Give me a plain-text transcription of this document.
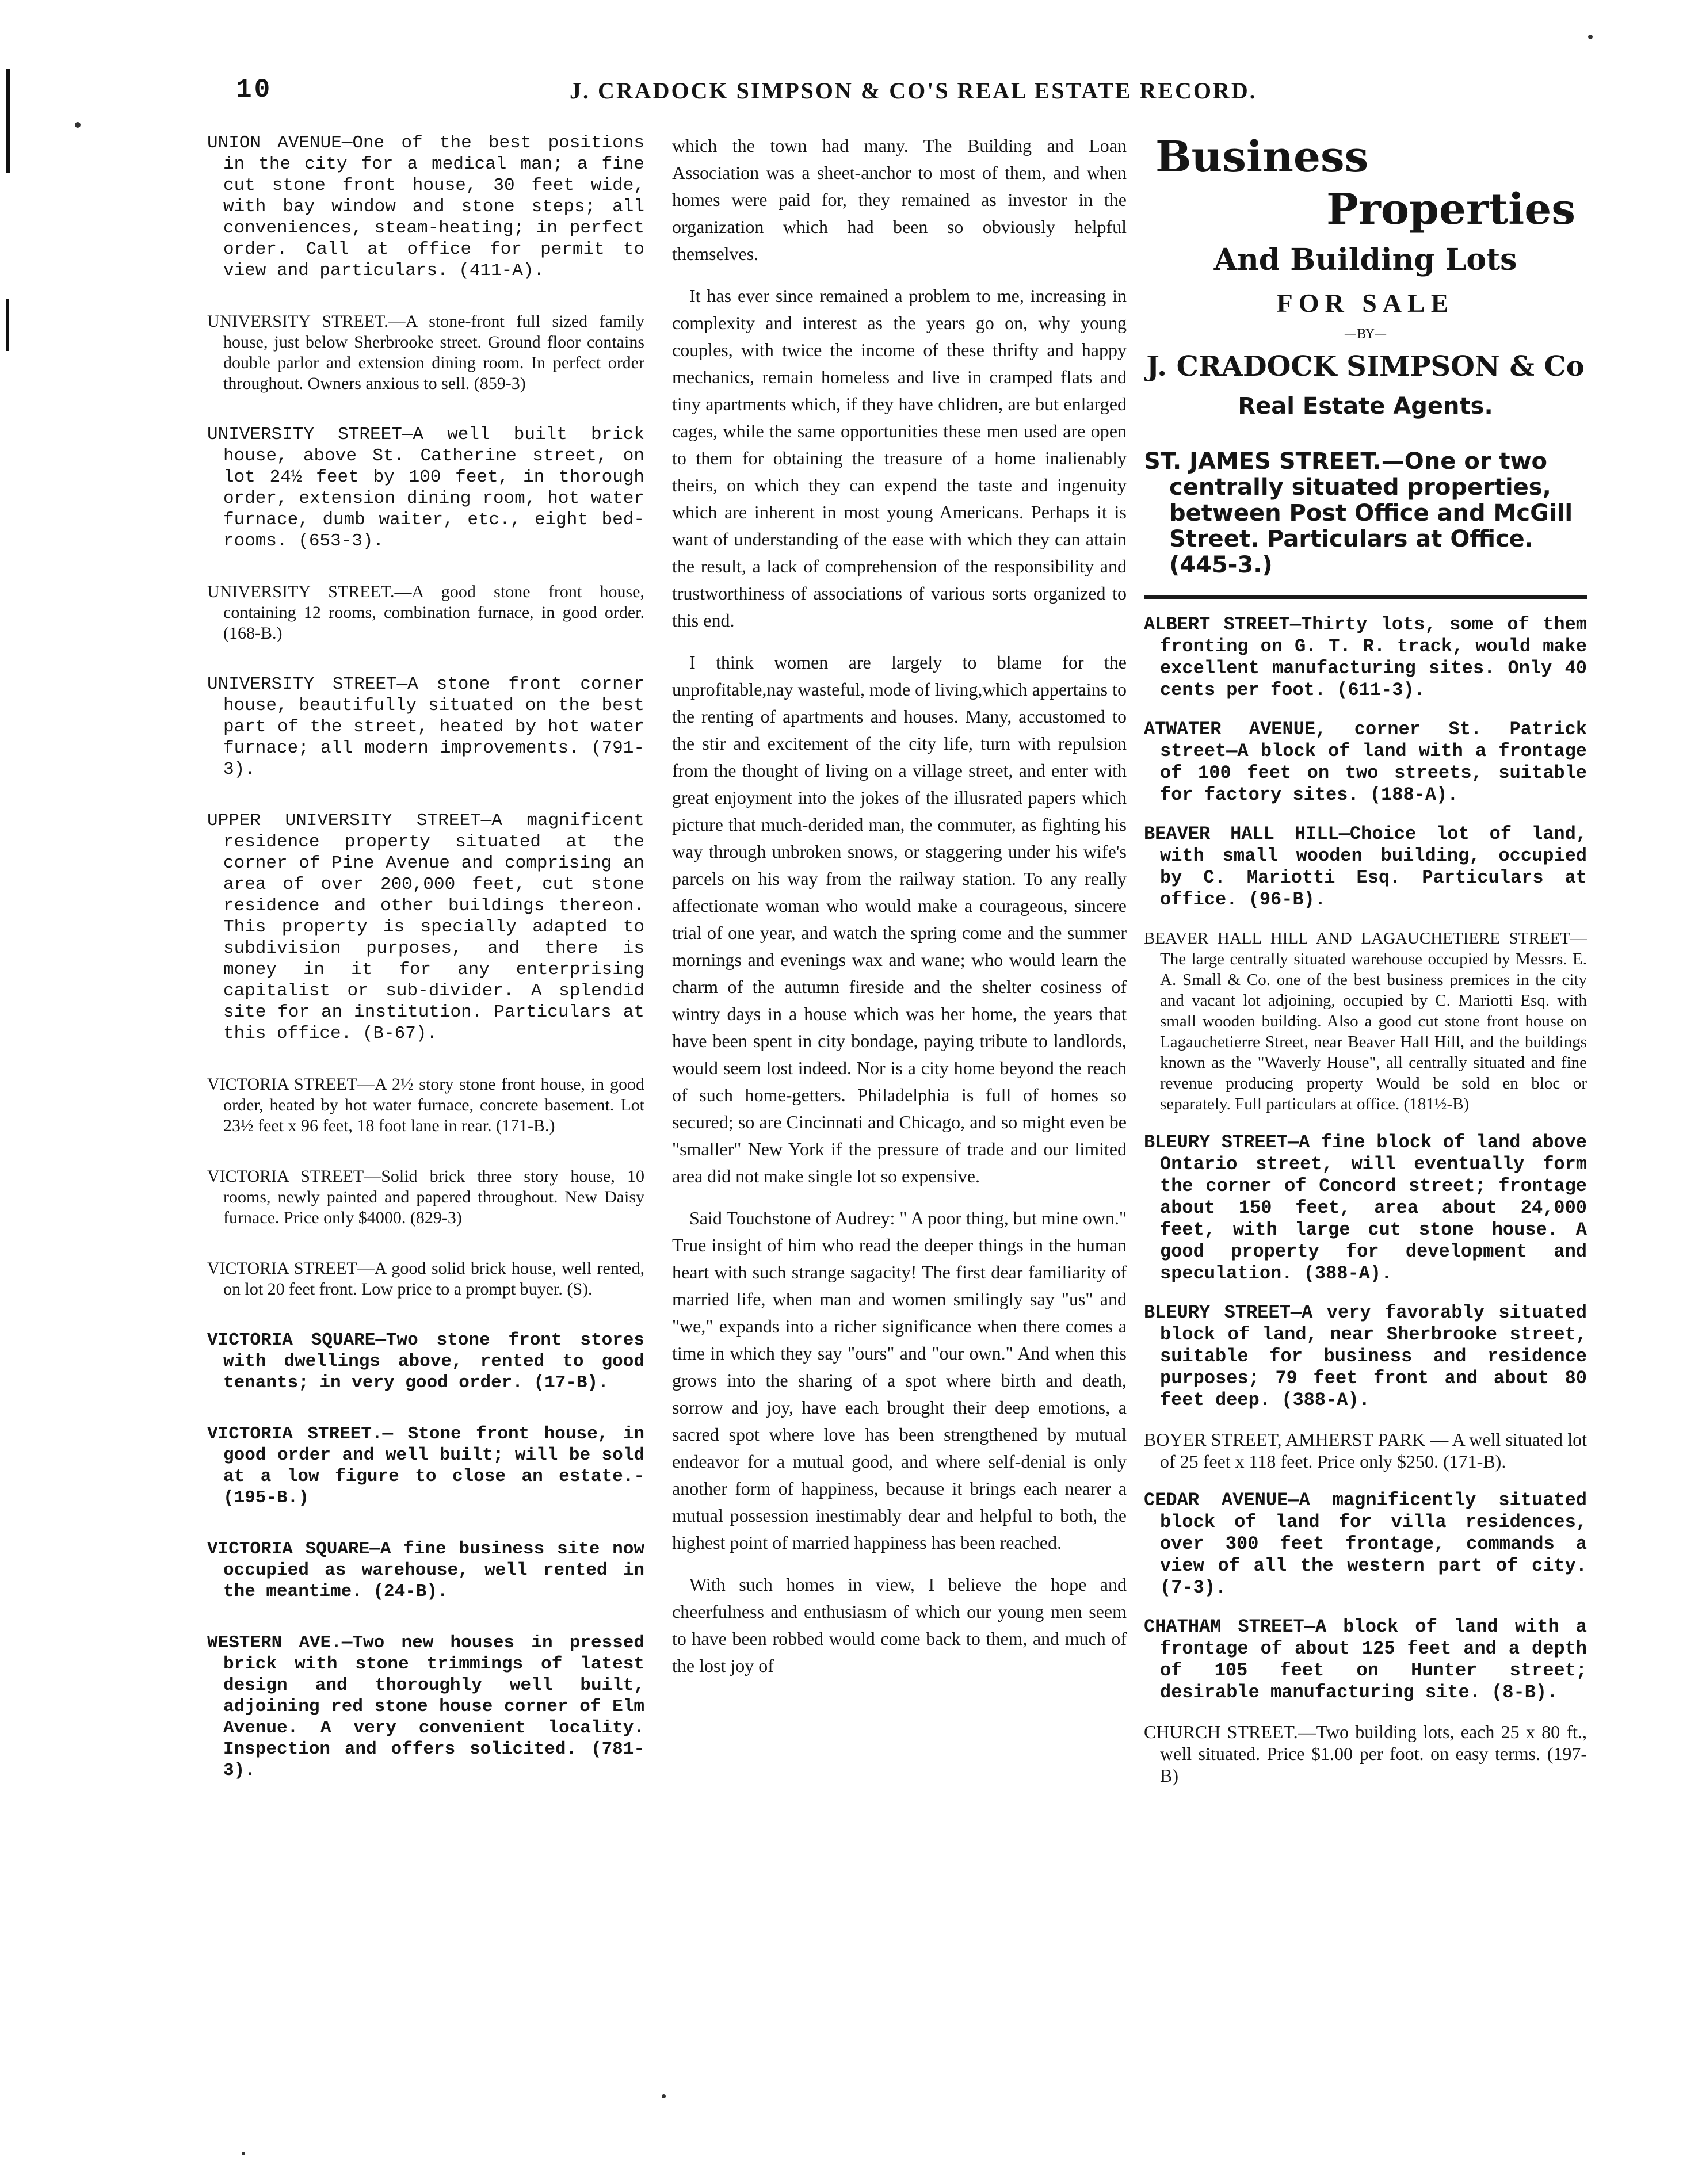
10	J. CRADOCK SIMPSON & CO'S REAL ESTATE RECORD.

UNION AVENUE—One of the best positions in the city for a medical man; a fine cut stone front house, 30 feet wide, with bay window and stone steps; all conveniences, steam-heating; in perfect order. Call at office for permit to view and particulars. (411-A).

UNIVERSITY STREET.—A stone-front full sized family house, just below Sherbrooke street. Ground floor contains double parlor and extension dining room. In perfect order throughout. Owners anxious to sell. (859-3)

UNIVERSITY STREET—A well built brick house, above St. Catherine street, on lot 24½ feet by 100 feet, in thorough order, extension dining room, hot water furnace, dumb waiter, etc., eight bed-rooms. (653-3).

UNIVERSITY STREET.—A good stone front house, containing 12 rooms, combination furnace, in good order. (168-B.)

UNIVERSITY STREET—A stone front corner house, beautifully situated on the best part of the street, heated by hot water furnace; all modern improvements. (791-3).

UPPER UNIVERSITY STREET—A magnificent residence property situated at the corner of Pine Avenue and comprising an area of over 200,000 feet, cut stone residence and other buildings thereon. This property is specially adapted to subdivision purposes, and there is money in it for any enterprising capitalist or sub-divider. A splendid site for an institution. Particulars at this office. (B-67).

VICTORIA STREET—A 2½ story stone front house, in good order, heated by hot water furnace, concrete basement. Lot 23½ feet x 96 feet, 18 foot lane in rear. (171-B.)

VICTORIA STREET—Solid brick three story house, 10 rooms, newly painted and papered throughout. New Daisy furnace. Price only $4000. (829-3)

VICTORIA STREET—A good solid brick house, well rented, on lot 20 feet front. Low price to a prompt buyer. (S).

VICTORIA SQUARE—Two stone front stores with dwellings above, rented to good tenants; in very good order. (17-B).

VICTORIA STREET.— Stone front house, in good order and well built; will be sold at a low figure to close an estate.-(195-B.)

VICTORIA SQUARE—A fine business site now occupied as warehouse, well rented in the meantime. (24-B).

WESTERN AVE.—Two new houses in pressed brick with stone trimmings of latest design and thoroughly well built, adjoining red stone house corner of Elm Avenue. A very convenient locality. Inspection and offers solicited. (781-3).

which the town had many. The Building and Loan Association was a sheet-anchor to most of them, and when homes were paid for, they remained as investor in the organization which had been so obviously helpful themselves.

It has ever since remained a problem to me, increasing in complexity and interest as the years go on, why young couples, with twice the income of these thrifty and happy mechanics, remain homeless and live in cramped flats and tiny apartments which, if they have chlidren, are but enlarged cages, while the same opportunities these men used are open to them for obtaining the treasure of a home inalienably theirs, on which they can expend the taste and ingenuity which are inherent in most young Americans. Perhaps it is want of understanding of the ease with which they can attain the result, a lack of comprehension of the responsibility and trustworthiness of associations of various sorts organized to this end.

I think women are largely to blame for the unprofitable,nay wasteful, mode of living,which appertains to the renting of apartments and houses. Many, accustomed to the stir and excitement of the city life, turn with repulsion from the thought of living on a village street, and enter with great enjoyment into the jokes of the illusrated papers which picture that much-derided man, the commuter, as fighting his way through unbroken snows, or staggering under his wife's parcels on his way from the railway station. To any really affectionate woman who would make a courageous, sincere trial of one year, and watch the spring come and the summer mornings and evenings wax and wane; who would learn the charm of the autumn fireside and the shelter cosiness of wintry days in a house which was her home, the years that have been spent in city bondage, paying tribute to landlords, would seem lost indeed. Nor is a city home beyond the reach of such home-getters. Philadelphia is full of homes so secured; so are Cincinnati and Chicago, and so might even be "smaller" New York if the pressure of trade and our limited area did not make single lot so expensive.

Said Touchstone of Audrey: " A poor thing, but mine own." True insight of him who read the deeper things in the human heart with such strange sagacity! The first dear familiarity of married life, when man and women smilingly say "us" and "we," expands into a richer significance when there comes a time in which they say "ours" and "our own." And when this grows into the sharing of a spot where birth and death, sorrow and joy, have each brought their deep emotions, a sacred spot where love has been strengthened by mutual endeavor for a mutual good, and where self-denial is only another form of happiness, because it brings each nearer a mutual possession inestimably dear and helpful to both, the highest point of married happiness has been reached.

With such homes in view, I believe the hope and cheerfulness and enthusiasm of which our young men seem to have been robbed would come back to them, and much of the lost joy of

Business
Properties
And Building Lots
FOR SALE
—BY—
J. CRADOCK SIMPSON & Co
Real Estate Agents.

ST. JAMES STREET.—One or two centrally situated properties, between Post Office and McGill Street. Particulars at Office. (445-3.)

ALBERT STREET—Thirty lots, some of them fronting on G. T. R. track, would make excellent manufacturing sites. Only 40 cents per foot. (611-3).

ATWATER AVENUE, corner St. Patrick street—A block of land with a frontage of 100 feet on two streets, suitable for factory sites. (188-A).

BEAVER HALL HILL—Choice lot of land, with small wooden building, occupied by C. Mariotti Esq. Particulars at office. (96-B).

BEAVER HALL HILL AND LAGAUCHETIERE STREET—The large centrally situated warehouse occupied by Messrs. E. A. Small & Co. one of the best business premices in the city and vacant lot adjoining, occupied by C. Mariotti Esq. with small wooden building. Also a good cut stone front house on Lagauchetierre Street, near Beaver Hall Hill, and the buildings known as the "Waverly House", all centrally situated and fine revenue producing property Would be sold en bloc or separately. Full particulars at office. (181½-B)

BLEURY STREET—A fine block of land above Ontario street, will eventually form the corner of Concord street; frontage about 150 feet, area about 24,000 feet, with large cut stone house. A good property for development and speculation. (388-A).

BLEURY STREET—A very favorably situated block of land, near Sherbrooke street, suitable for business and residence purposes; 79 feet front and about 80 feet deep. (388-A).

BOYER STREET, AMHERST PARK — A well situated lot of 25 feet x 118 feet. Price only $250. (171-B).

CEDAR AVENUE—A magnificently situated block of land for villa residences, over 300 feet frontage, commands a view of all the western part of city. (7-3).

CHATHAM STREET—A block of land with a frontage of about 125 feet and a depth of 105 feet on Hunter street; desirable manufacturing site. (8-B).

CHURCH STREET.—Two building lots, each 25 x 80 ft., well situated. Price $1.00 per foot. on easy terms. (197-B)
